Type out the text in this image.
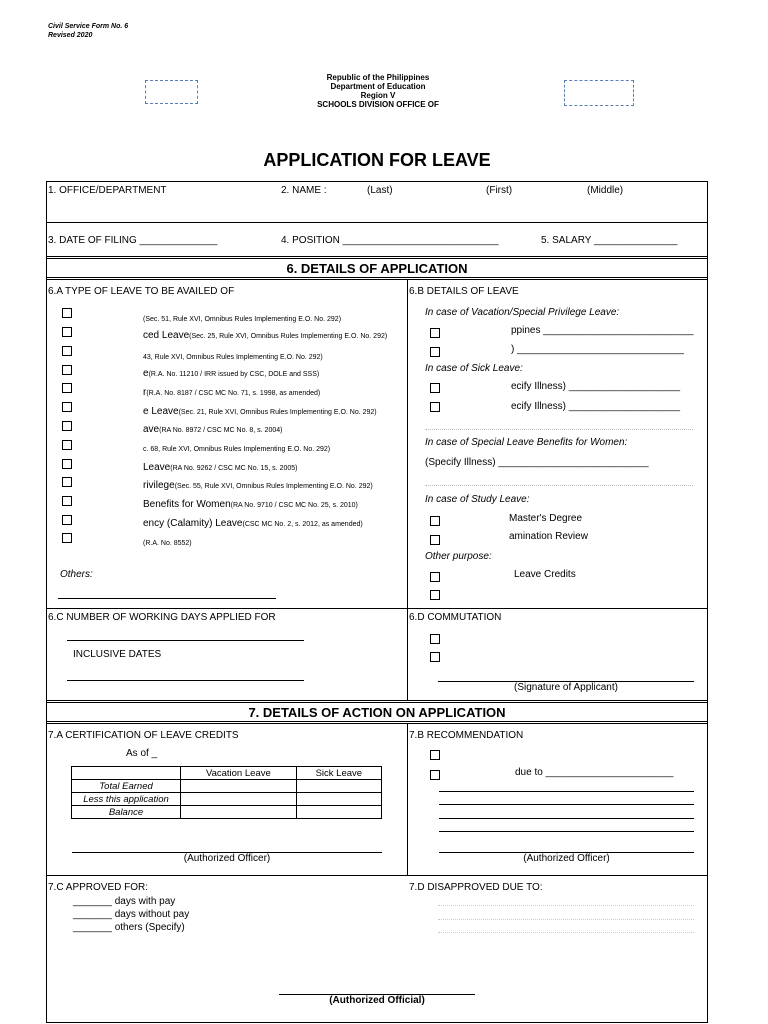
Civil Service Form No. 6
Revised 2020
Republic of the Philippines
Department of Education
Region V
SCHOOLS DIVISION OFFICE OF
APPLICATION FOR LEAVE
1. OFFICE/DEPARTMENT	2. NAME :	(Last)	(First)	(Middle)
3. DATE OF FILING ______________	4. POSITION ____________________________	5. SALARY _______________
6. DETAILS OF APPLICATION
6.A TYPE OF LEAVE TO BE AVAILED OF
(Sec. 51, Rule XVI, Omnibus Rules Implementing E.O. No. 292)
ced Leave(Sec. 25, Rule XVI, Omnibus Rules Implementing E.O. No. 292)
43, Rule XVI, Omnibus Rules Implementing E.O. No. 292)
e(R.A. No. 11210 / IRR issued by CSC, DOLE and SSS)
r(R.A. No. 8187 / CSC MC No. 71, s. 1998, as amended)
e Leave(Sec. 21, Rule XVI, Omnibus Rules Implementing E.O. No. 292)
ave(RA No. 8972 / CSC MC No. 8, s. 2004)
c. 68, Rule XVI, Omnibus Rules Implementing E.O. No. 292)
Leave(RA No. 9262 / CSC MC No. 15, s. 2005)
rivilege(Sec. 55, Rule XVI, Omnibus Rules Implementing E.O. No. 292)
Benefits for Women(RA No. 9710 / CSC MC No. 25, s. 2010)
ency (Calamity) Leave(CSC MC No. 2, s. 2012, as amended)
(R.A. No. 8552)
Others:
6.B DETAILS OF LEAVE
In case of Vacation/Special Privilege Leave:
ppines ___________________________
) ______________________________
In case of Sick Leave:
ecify Illness) ____________________
ecify Illness) ____________________
In case of Special Leave Benefits for Women:
(Specify Illness) ___________________________
In case of Study Leave:
Master's Degree
amination Review
Other purpose:
Leave Credits
6.C NUMBER OF WORKING DAYS APPLIED FOR
INCLUSIVE DATES
6.D COMMUTATION
(Signature of Applicant)
7. DETAILS OF ACTION ON APPLICATION
7.A CERTIFICATION OF LEAVE CREDITS
As of _
	Vacation Leave	Sick Leave
Total Earned		
Less this application		
Balance		
(Authorized Officer)
7.B RECOMMENDATION
due to _______________________
(Authorized Officer)
7.C APPROVED FOR:
_______ days with pay
_______ days without pay
_______ others (Specify)
7.D DISAPPROVED DUE TO:
(Authorized Official)
